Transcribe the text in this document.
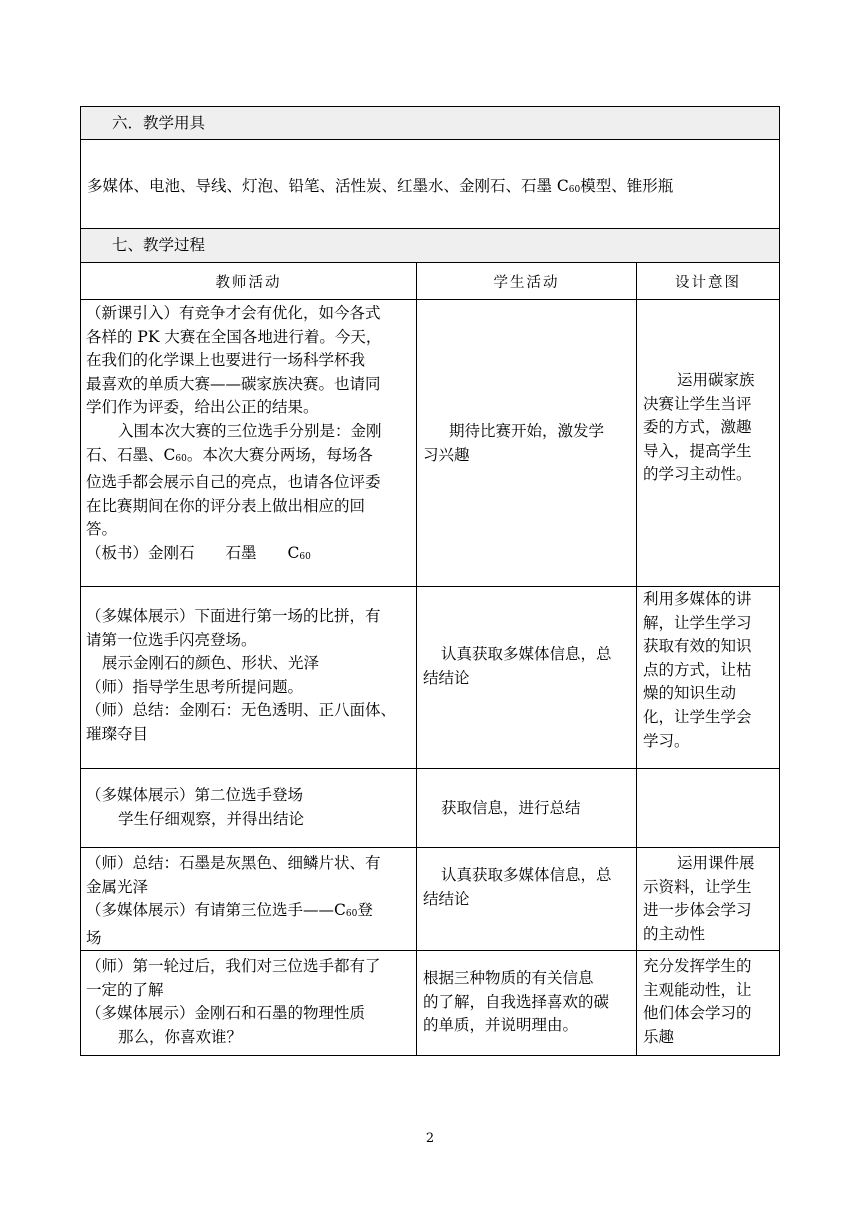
六．教学用具
多媒体、电池、导线、灯泡、铅笔、活性炭、红墨水、金刚石、石墨 $C_{60}$模型、锥形瓶
七、教学过程
教师活动	学生活动	设计意图
（新课引入）有竞争才会有优化，如今各式
各样的 PK 大赛在全国各地进行着。今天，
在我们的化学课上也要进行一场科学杯我
最喜欢的单质大赛——碳家族决赛。也请同
学们作为评委，给出公正的结果。
入围本次大赛的三位选手分别是：金刚
石、石墨、$C_{60}$。本次大赛分两场，每场各
位选手都会展示自己的亮点，也请各位评委
在比赛期间在你的评分表上做出相应的回
答。
（板书）金刚石　　石墨　　$C_{60}$
期待比赛开始，激发学
习兴趣
运用碳家族
决赛让学生当评
委的方式，激趣
导入，提高学生
的学习主动性。
（多媒体展示）下面进行第一场的比拼，有
请第一位选手闪亮登场。
展示金刚石的颜色、形状、光泽
（师）指导学生思考所提问题。
（师）总结：金刚石：无色透明、正八面体、
璀璨夺目
认真获取多媒体信息，总
结结论
利用多媒体的讲
解，让学生学习
获取有效的知识
点的方式，让枯
燥的知识生动
化，让学生学会
学习。
（多媒体展示）第二位选手登场
学生仔细观察，并得出结论
获取信息，进行总结
（师）总结：石墨是灰黑色、细鳞片状、有
金属光泽
（多媒体展示）有请第三位选手$——C_{60}$登
场
认真获取多媒体信息，总
结结论
运用课件展
示资料，让学生
进一步体会学习
的主动性
（师）第一轮过后，我们对三位选手都有了
一定的了解
（多媒体展示）金刚石和石墨的物理性质
那么，你喜欢谁？
根据三种物质的有关信息
的了解，自我选择喜欢的碳
的单质，并说明理由。
充分发挥学生的
主观能动性，让
他们体会学习的
乐趣
2
